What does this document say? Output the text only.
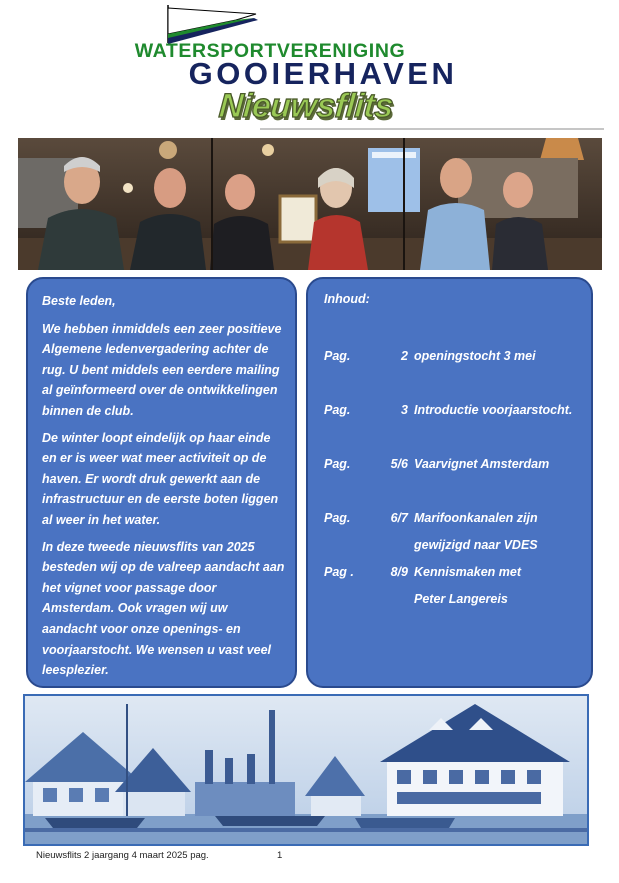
WATERSPORTVERENIGING
GOOIERHAVEN
Nieuwsflits

Beste leden,

We hebben inmiddels een zeer positieve Algemene ledenvergadering achter de rug. U bent middels een eerdere mailing al geïnformeerd over de ontwikkelingen binnen de club.

De winter loopt eindelijk op haar einde en er is weer wat meer activiteit op de haven. Er wordt druk gewerkt aan de infrastructuur en de eerste boten liggen al weer in het water.

In deze tweede nieuwsflits van 2025 besteden wij op de valreep aandacht aan het vignet voor passage door Amsterdam. Ook vragen wij uw aandacht voor onze openings- en voorjaarstocht. We wensen u vast veel leesplezier.

Inhoud:
Pag.	2 openingstocht 3 mei
Pag.	3 Introductie voorjaarstocht.
Pag.	5/6 Vaarvignet Amsterdam
Pag.	6/7 Marifoonkanalen zijn
gewijzigd naar VDES
Pag .	8/9 Kennismaken met
Peter Langereis
Nieuwsflits 2 jaargang 4 maart 2025 pag.	1
